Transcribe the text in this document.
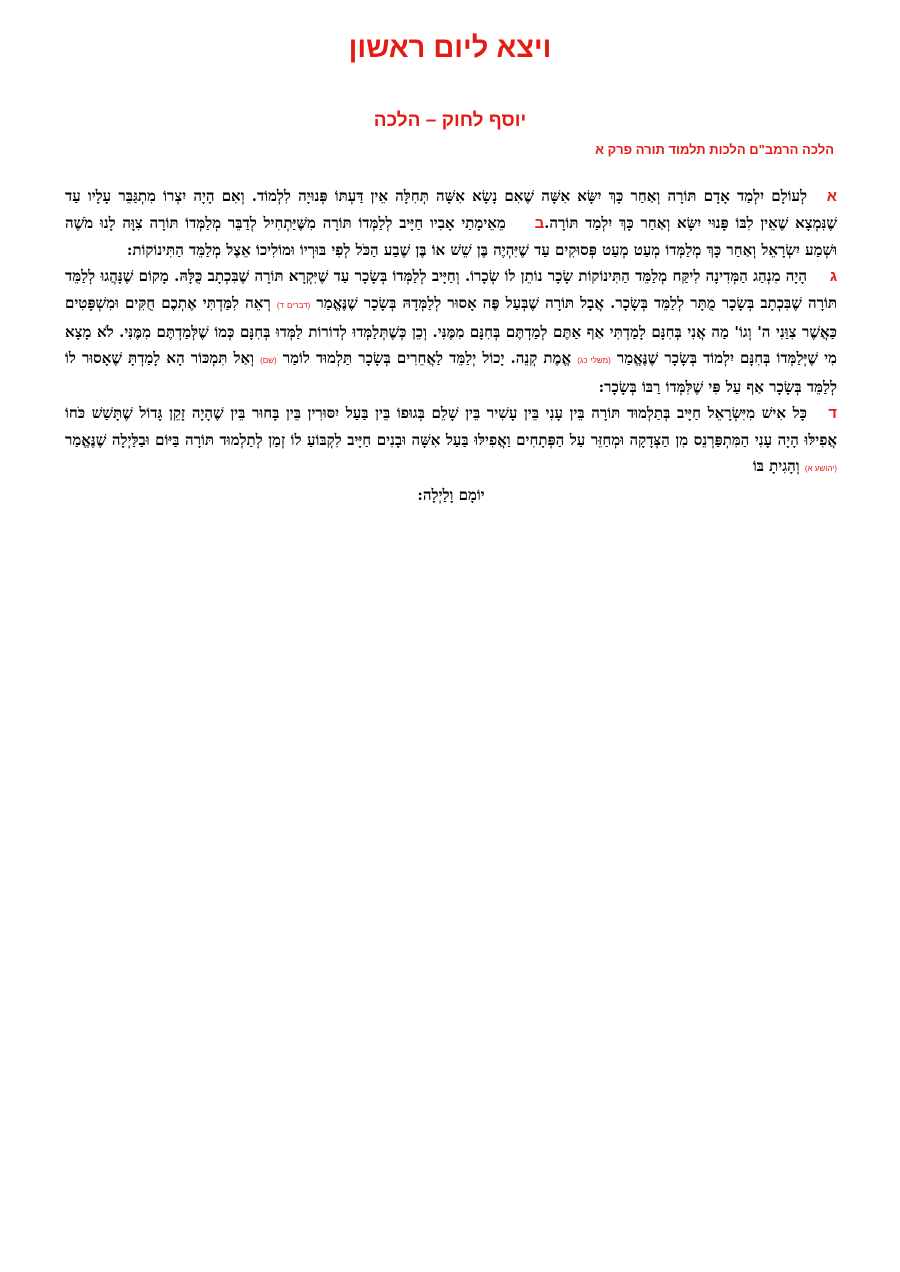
ויצא ליום ראשון
יוסף לחוק – הלכה
הלכה הרמב"ם הלכות תלמוד תורה פרק א

אלְעוֹלָם יִלְמַד אָדָם תּוֹרָה וְאַחַר כָּךְ יִשָּׂא אִשָּׁה שֶׁאִם נָשָׂא אִשָּׁה תְּחִלָּה אֵין דַּעְתּוֹ פְּנוּיָה לִלְמוֹד. וְאִם הָיָה יִצְרוֹ מִתְגַּבֵּר עָלָיו עַד שֶׁנִּמְצָא שֶׁאֵין לִבּוֹ פָּנוּי יִשָּׂא וְאַחַר כָּךְ יִלְמַד תּוֹרָה.ב מֵאֵימָתַי אָבִיו חַיָּיב לְלַמְּדוֹ תּוֹרָה מִשֶּׁיַּתְחִיל לְדַבֵּר מְלַמְּדוֹ תּוֹרָה צִוָּה לָנוּ מֹשֶׁה וּשְׁמַע יִשְׂרָאֵל וְאַחַר כָּךְ מְלַמְּדוֹ מְעַט מְעַט פְּסוּקִים עַד שֶׁיִּהְיֶה בֶּן שֵׁשׁ אוֹ בֶּן שֶׁבַע הַכֹּל לְפִי בּוּרְיוֹ וּמוֹלִיכוֹ אֵצֶל מְלַמֵּד הַתִּינוֹקוֹת:

גהָיָה מִנְהַג הַמְּדִינָה לִיקַּח מְלַמֵּד הַתִּינוֹקוֹת שָׂכָר נוֹתֵן לוֹ שְׂכָרוֹ. וְחַיָּיב לְלַמְּדוֹ בְּשָׂכָר עַד שֶׁיִּקְרָא תּוֹרָה שֶׁבִּכְתָב כֻּלָּהּ. מָקוֹם שֶׁנָּהֲגוּ לְלַמֵּד תּוֹרָה שֶׁבִּכְתָב בְּשָׂכָר מֻתָּר לְלַמֵּד בְּשָׂכָר. אֲבָל תּוֹרָה שֶׁבְּעַל פֶּה אָסוּר לְלַמְּדָהּ בְּשָׂכָר שֶׁנֶּאֱמַר (דברים ד) רְאֵה לִמַּדְתִּי אֶתְכֶם חֻקִּים וּמִשְׁפָּטִים כַּאֲשֶׁר צִוַּנִי ה' וְגוֹ' מַה אֲנִי בְּחִנָּם לָמַדְתִּי אַף אַתֶּם לְמַדְתֶּם בְּחִנָּם מִמֶּנִּי. וְכֵן כְּשֶׁתְּלַמְּדוּ לְדוֹרוֹת לַמְּדוּ בְּחִנָּם כְּמוֹ שֶׁלְּמַדְתֶּם מִמֶּנִּי. לֹא מָצָא מִי שֶׁיְּלַמְּדוֹ בְּחִנָּם יִלְמוֹד בְּשָׂכָר שֶׁנֶּאֱמַר (משלי כג) אֱמֶת קְנֵה. יָכוֹל יְלַמֵּד לַאֲחֵרִים בְּשָׂכָר תַּלְמוּד לוֹמַר (שם) וְאַל תִּמְכּוֹר הָא לָמַדְתָּ שֶׁאָסוּר לוֹ לְלַמֵּד בְּשָׂכָר אַף עַל פִּי שֶׁלִּמְּדוֹ רַבּוֹ בְּשָׂכָר:

דכָּל אִישׁ מִיִּשְׂרָאֵל חַיָּיב בְּתַלְמוּד תּוֹרָה בֵּין עָנִי בֵּין עָשִׁיר בֵּין שָׁלֵם בְּגוּפוֹ בֵּין בַּעַל יִסּוּרִין בֵּין בָּחוּר בֵּין שֶׁהָיָה זָקֵן גָּדוֹל שֶׁתָּשַׁשׁ כֹּחוֹ אֲפִילּוּ הָיָה עָנִי הַמִּתְפַּרְנֵס מִן הַצְּדָקָה וּמְחַזֵּר עַל הַפְּתָחִים וַאֲפִילּוּ בַּעַל אִשָּׁה וּבָנִים חַיָּיב לִקְבּוֹעַ לוֹ זְמַן לְתַלְמוּד תּוֹרָה בַּיּוֹם וּבַלַּיְלָה שֶׁנֶּאֱמַר (יהושע א) וְהָגִיתָ בּוֹ
יוֹמָם וָלַיְלָה:
